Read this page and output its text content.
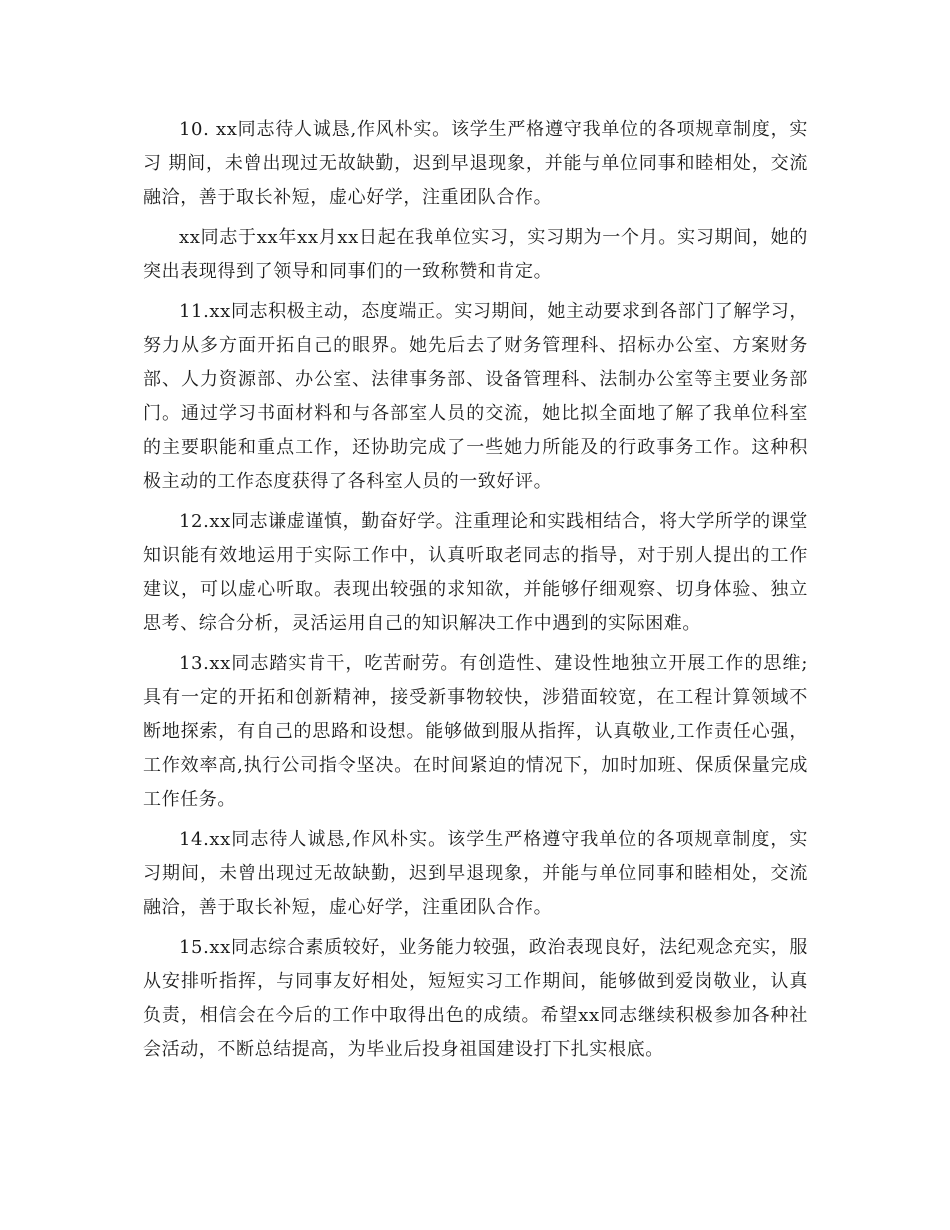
10. xx同志待人诚恳,作风朴实。该学生严格遵守我单位的各项规章制度，实习 期间，未曾出现过无故缺勤，迟到早退现象，并能与单位同事和睦相处，交流融洽，善于取长补短，虚心好学，注重团队合作。

xx同志于xx年xx月xx日起在我单位实习，实习期为一个月。实习期间，她的突出表现得到了领导和同事们的一致称赞和肯定。

11.xx同志积极主动，态度端正。实习期间，她主动要求到各部门了解学习，努力从多方面开拓自己的眼界。她先后去了财务管理科、招标办公室、方案财务部、人力资源部、办公室、法律事务部、设备管理科、法制办公室等主要业务部门。通过学习书面材料和与各部室人员的交流，她比拟全面地了解了我单位科室的主要职能和重点工作，还协助完成了一些她力所能及的行政事务工作。这种积极主动的工作态度获得了各科室人员的一致好评。

12.xx同志谦虚谨慎，勤奋好学。注重理论和实践相结合，将大学所学的课堂知识能有效地运用于实际工作中，认真听取老同志的指导，对于别人提出的工作建议，可以虚心听取。表现出较强的求知欲，并能够仔细观察、切身体验、独立思考、综合分析，灵活运用自己的知识解决工作中遇到的实际困难。

13.xx同志踏实肯干，吃苦耐劳。有创造性、建设性地独立开展工作的思维;具有一定的开拓和创新精神，接受新事物较快，涉猎面较宽，在工程计算领域不断地探索，有自己的思路和设想。能够做到服从指挥，认真敬业,工作责任心强，工作效率高,执行公司指令坚决。在时间紧迫的情况下，加时加班、保质保量完成工作任务。

14.xx同志待人诚恳,作风朴实。该学生严格遵守我单位的各项规章制度，实习期间，未曾出现过无故缺勤，迟到早退现象，并能与单位同事和睦相处，交流融洽，善于取长补短，虚心好学，注重团队合作。

15.xx同志综合素质较好，业务能力较强，政治表现良好，法纪观念充实，服从安排听指挥，与同事友好相处，短短实习工作期间，能够做到爱岗敬业，认真负责，相信会在今后的工作中取得出色的成绩。希望xx同志继续积极参加各种社会活动，不断总结提高，为毕业后投身祖国建设打下扎实根底。
